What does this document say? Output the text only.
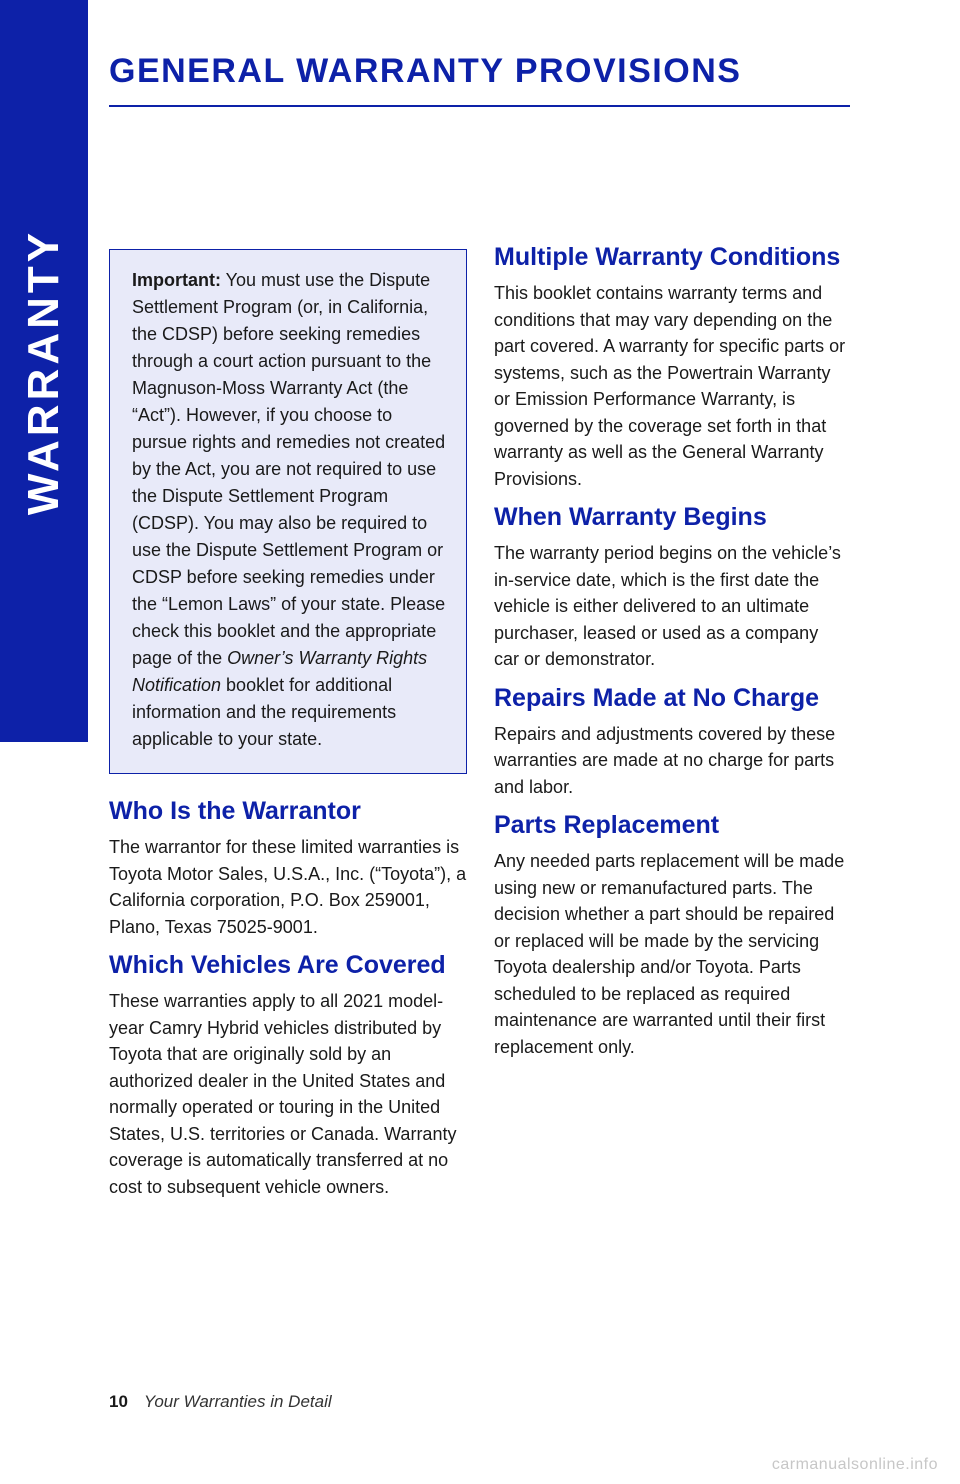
WARRANTY
GENERAL WARRANTY PROVISIONS

Important: You must use the Dispute Settlement Program (or, in California, the CDSP) before seeking remedies through a court action pursuant to the Magnuson-Moss Warranty Act (the “Act”). However, if you choose to pursue rights and remedies not created by the Act, you are not required to use the Dispute Settlement Program (CDSP). You may also be required to use the Dispute Settlement Program or CDSP before seeking remedies under the “Lemon Laws” of your state. Please check this booklet and the appropriate page of the Owner’s Warranty Rights Notification booklet for additional information and the requirements applicable to your state.

Who Is the Warrantor

The warrantor for these limited warranties is Toyota Motor Sales, U.S.A., Inc. (“Toyota”), a California corporation, P.O. Box 259001, Plano, Texas 75025-9001.

Which Vehicles Are Covered

These warranties apply to all 2021 model-year Camry Hybrid vehicles distributed by Toyota that are originally sold by an authorized dealer in the United States and normally operated or touring in the United States, U.S. territories or Canada. Warranty coverage is automatically transferred at no cost to subsequent vehicle owners.

Multiple Warranty Conditions

This booklet contains warranty terms and conditions that may vary depending on the part covered. A warranty for specific parts or systems, such as the Powertrain Warranty or Emission Performance Warranty, is governed by the coverage set forth in that warranty as well as the General Warranty Provisions.

When Warranty Begins

The warranty period begins on the vehicle’s in-service date, which is the first date the vehicle is either delivered to an ultimate purchaser, leased or used as a company car or demonstrator.

Repairs Made at No Charge

Repairs and adjustments covered by these warranties are made at no charge for parts and labor.

Parts Replacement

Any needed parts replacement will be made using new or remanufactured parts. The decision whether a part should be repaired or replaced will be made by the servicing Toyota dealership and/or Toyota. Parts scheduled to be replaced as required maintenance are warranted until their first replacement only.

10 Your Warranties in Detail
carmanualsonline.info
